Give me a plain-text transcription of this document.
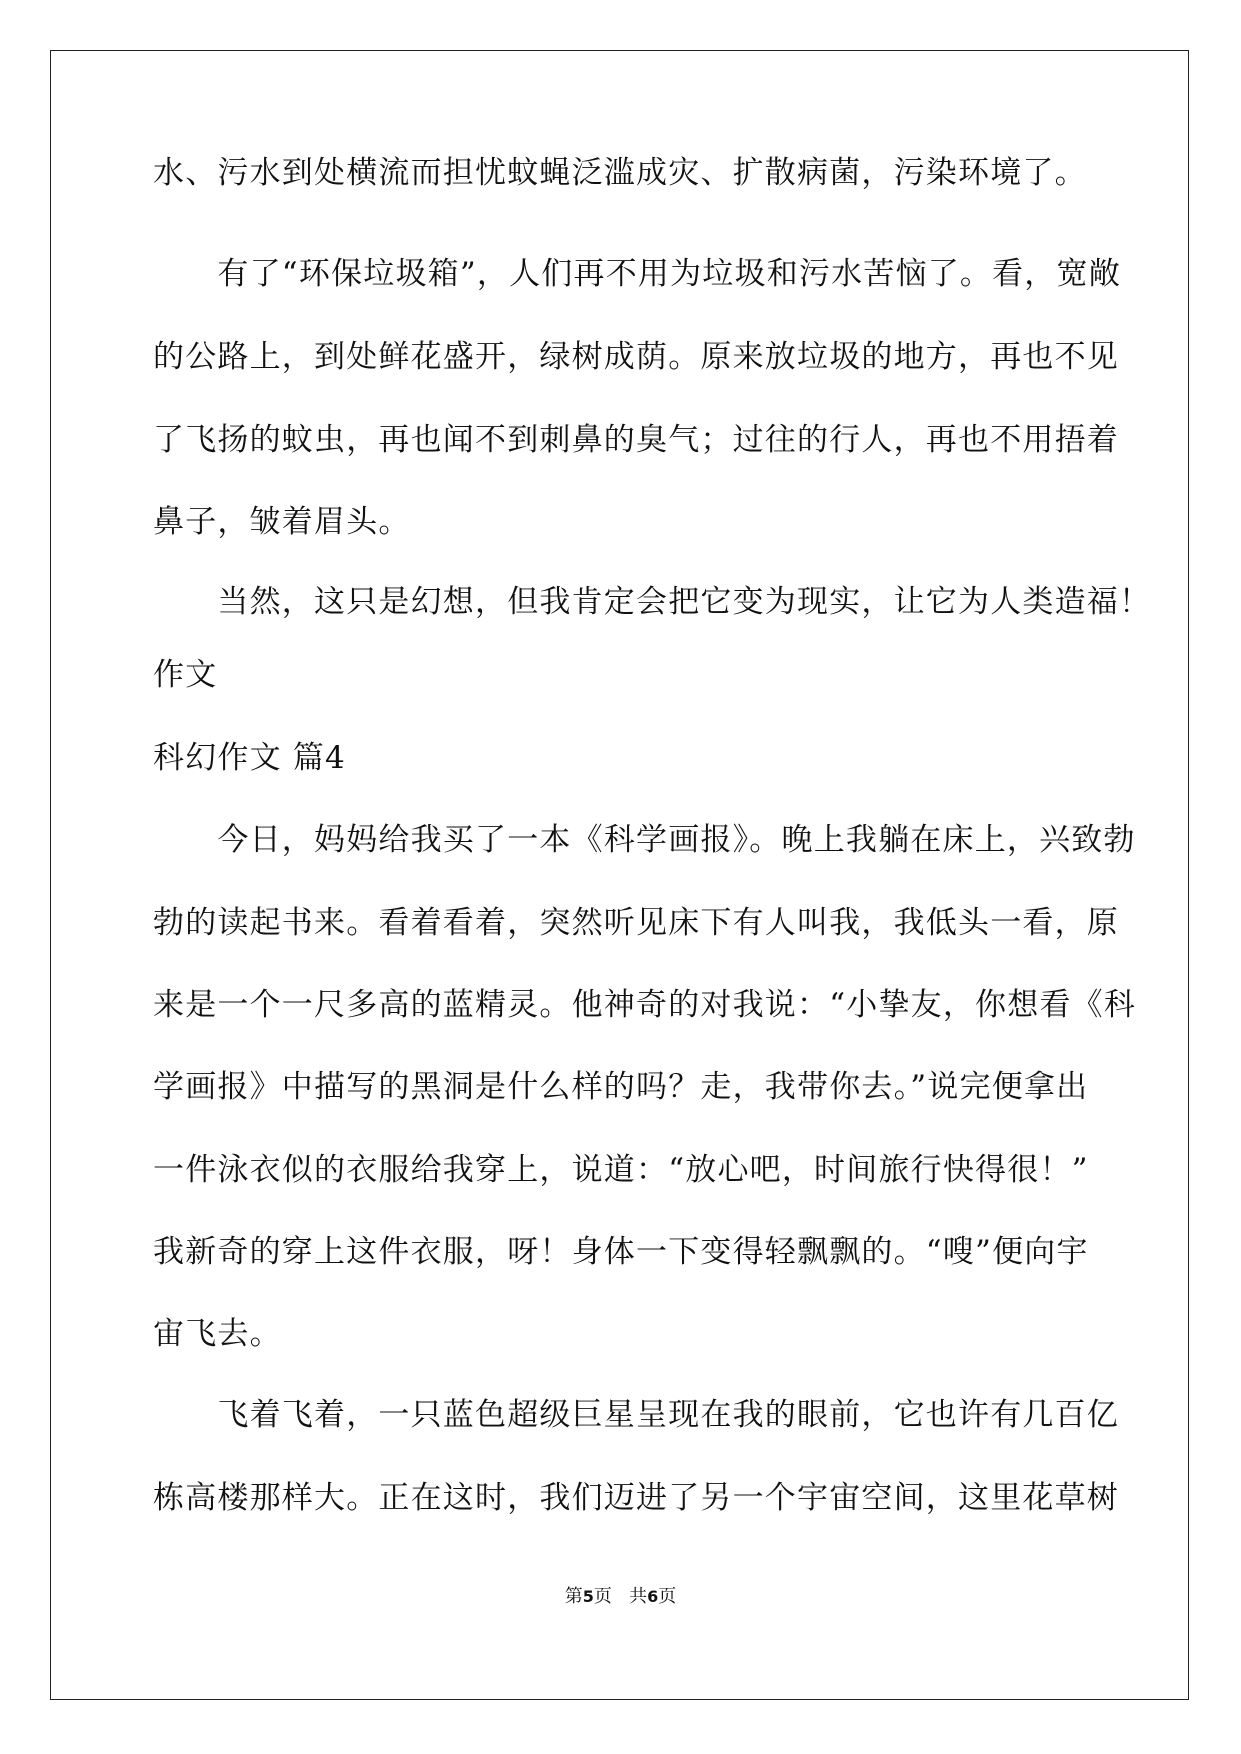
水、污水到处横流而担忧蚊蝇泛滥成灾、扩散病菌，污染环境了。
　　有了“环保垃圾箱”，人们再不用为垃圾和污水苦恼了。看，宽敞
的公路上，到处鲜花盛开，绿树成荫。原来放垃圾的地方，再也不见
了飞扬的蚊虫，再也闻不到刺鼻的臭气；过往的行人，再也不用捂着
鼻子，皱着眉头。
　　当然，这只是幻想，但我肯定会把它变为现实，让它为人类造福！
作文
科幻作文 篇4
　　今日，妈妈给我买了一本《科学画报》。晚上我躺在床上，兴致勃
勃的读起书来。看着看着，突然听见床下有人叫我，我低头一看，原
来是一个一尺多高的蓝精灵。他神奇的对我说：“小挚友，你想看《科
学画报》中描写的黑洞是什么样的吗？走，我带你去。”说完便拿出
一件泳衣似的衣服给我穿上，说道：“放心吧，时间旅行快得很！”
我新奇的穿上这件衣服，呀！身体一下变得轻飘飘的。“嗖”便向宇
宙飞去。
　　飞着飞着，一只蓝色超级巨星呈现在我的眼前，它也许有几百亿
栋高楼那样大。正在这时，我们迈进了另一个宇宙空间，这里花草树
第5页 共6页
